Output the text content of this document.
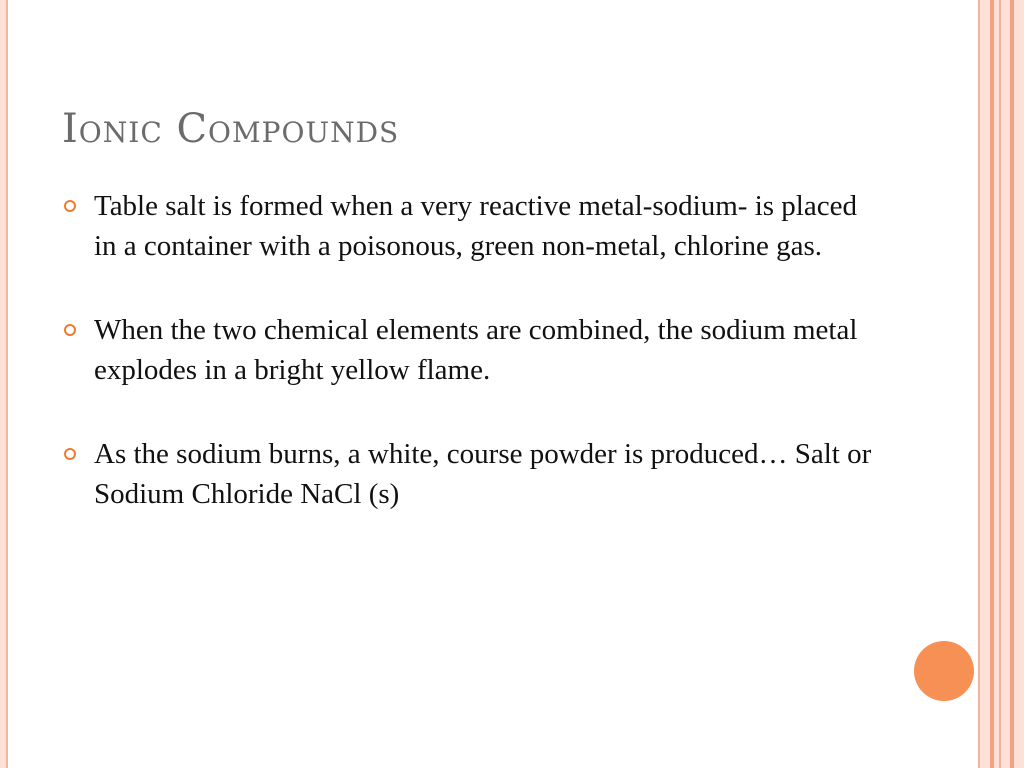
Ionic Compounds
Table salt is formed when a very reactive metal-sodium- is placed in a container with a poisonous, green non-metal, chlorine gas.
When the two chemical elements are combined, the sodium metal explodes in a bright yellow flame.
As the sodium burns, a white, course powder is produced… Salt or Sodium Chloride NaCl (s)
